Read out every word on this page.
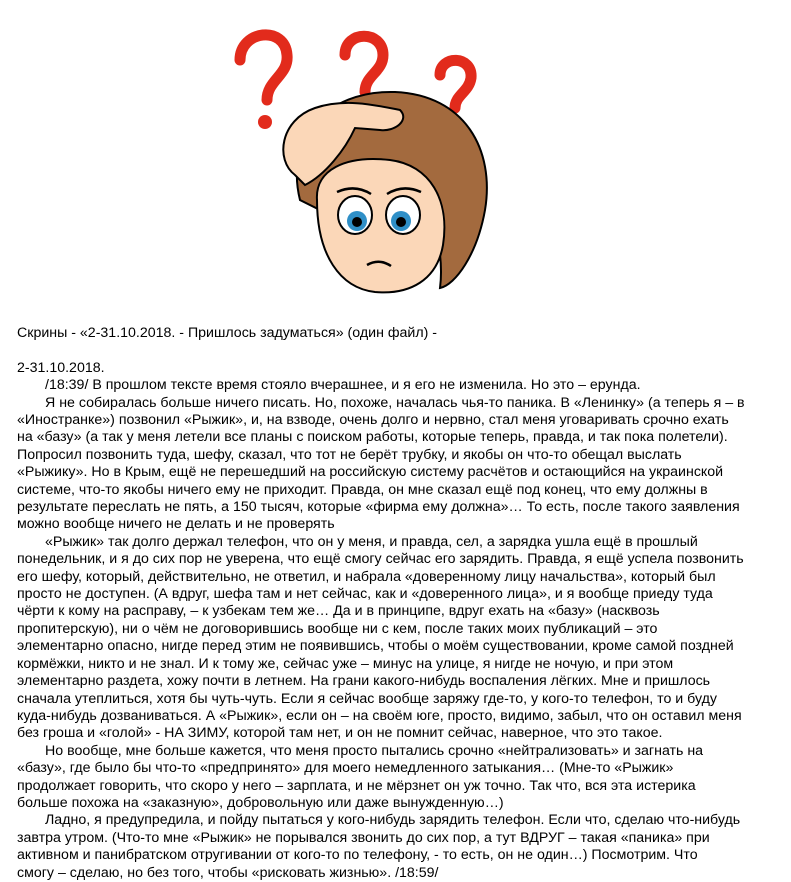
Скрины - «2-31.10.2018. - Пришлось задуматься» (один файл) -
2-31.10.2018.
/18:39/ В прошлом тексте время стояло вчерашнее, и я его не изменила. Но это – ерунда.
Я не собиралась больше ничего писать. Но, похоже, началась чья-то паника. В «Ленинку» (а теперь я – в
«Иностранке») позвонил «Рыжик», и, на взводе, очень долго и нервно, стал меня уговаривать срочно ехать
на «базу» (а так у меня летели все планы с поиском работы, которые теперь, правда, и так пока полетели).
Попросил позвонить туда, шефу, сказал, что тот не берёт трубку, и якобы он что-то обещал выслать
«Рыжику». Но в Крым, ещё не перешедший на российскую систему расчётов и остающийся на украинской
системе, что-то якобы ничего ему не приходит. Правда, он мне сказал ещё под конец, что ему должны в
результате переслать не пять, а 150 тысяч, которые «фирма ему должна»… То есть, после такого заявления
можно вообще ничего не делать и не проверять
«Рыжик» так долго держал телефон, что он у меня, и правда, сел, а зарядка ушла ещё в прошлый
понедельник, и я до сих пор не уверена, что ещё смогу сейчас его зарядить. Правда, я ещё успела позвонить
его шефу, который, действительно, не ответил, и набрала «доверенному лицу начальства», который был
просто не доступен. (А вдруг, шефа там и нет сейчас, как и «доверенного лица», и я вообще приеду туда
чёрти к кому на расправу, – к узбекам тем же… Да и в принципе, вдруг ехать на «базу» (насквозь
пропитерскую), ни о чём не договорившись вообще ни с кем, после таких моих публикаций – это
элементарно опасно, нигде перед этим не появившись, чтобы о моём существовании, кроме самой поздней
кормёжки, никто и не знал. И к тому же, сейчас уже – минус на улице, я нигде не ночую, и при этом
элементарно раздета, хожу почти в летнем. На грани какого-нибудь воспаления лёгких. Мне и пришлось
сначала утеплиться, хотя бы чуть-чуть. Если я сейчас вообще заряжу где-то, у кого-то телефон, то и буду
куда-нибудь дозваниваться. А «Рыжик», если он – на своём юге, просто, видимо, забыл, что он оставил меня
без гроша и «голой» - НА ЗИМУ, которой там нет, и он не помнит сейчас, наверное, что это такое.
Но вообще, мне больше кажется, что меня просто пытались срочно «нейтрализовать» и загнать на
«базу», где было бы что-то «предпринято» для моего немедленного затыкания… (Мне-то «Рыжик»
продолжает говорить, что скоро у него – зарплата, и не мёрзнет он уж точно. Так что, вся эта истерика
больше похожа на «заказную», добровольную или даже вынужденную…)
Ладно, я предупредила, и пойду пытаться у кого-нибудь зарядить телефон. Если что, сделаю что-нибудь
завтра утром. (Что-то мне «Рыжик» не порывался звонить до сих пор, а тут ВДРУГ – такая «паника» при
активном и панибратском отругивании от кого-то по телефону, - то есть, он не один…) Посмотрим. Что
смогу – сделаю, но без того, чтобы «рисковать жизнью». /18:59/
